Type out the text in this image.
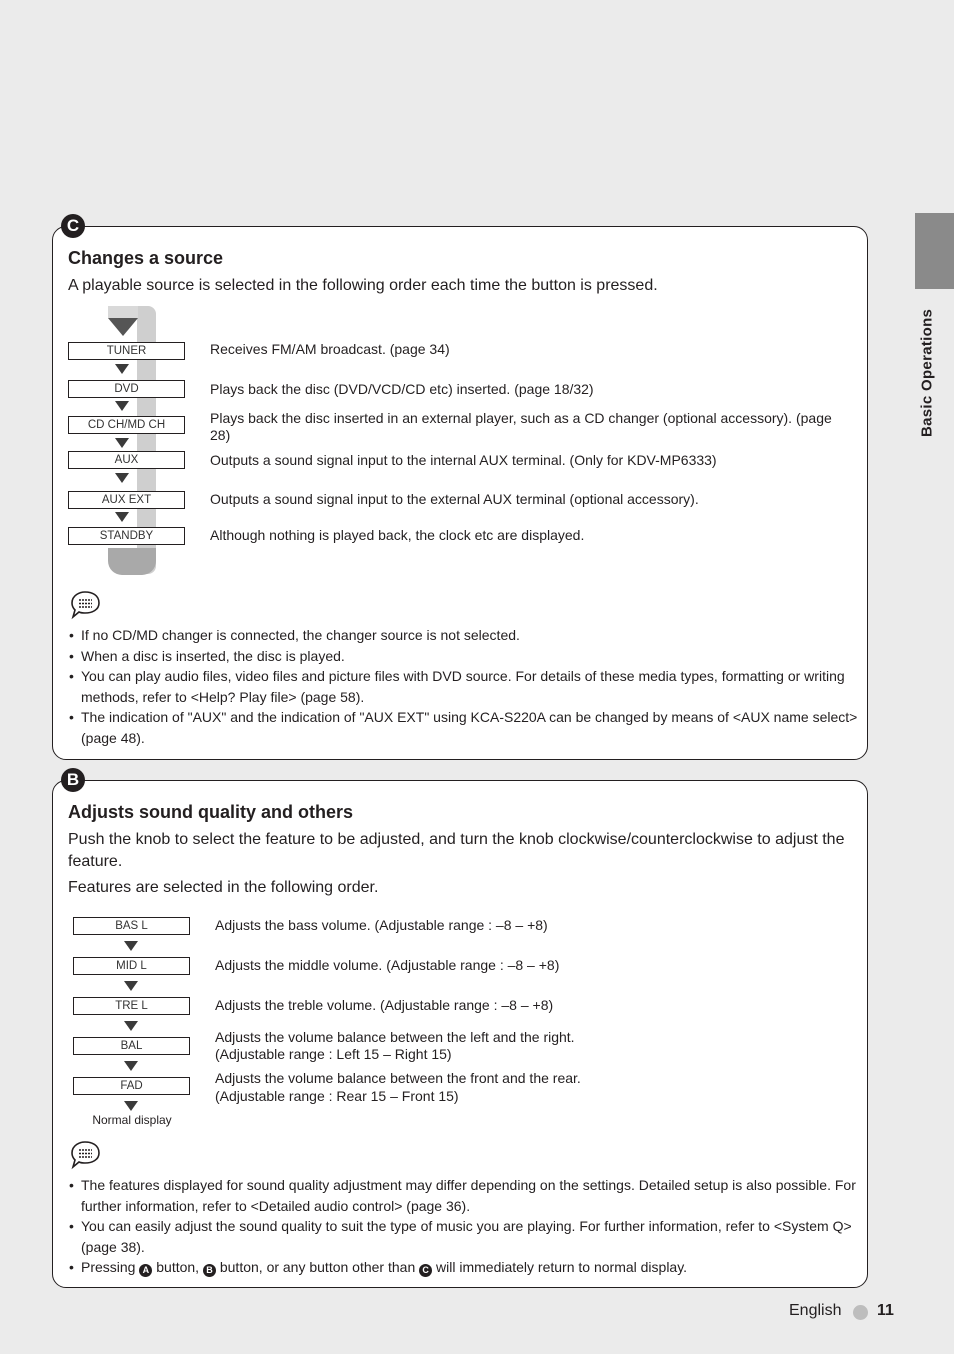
Basic Operations
C
Changes a source

A playable source is selected in the following order each time the button is pressed.

TUNER
DVD
CD CH/MD CH
AUX
AUX EXT
STANDBY
Receives FM/AM broadcast. (page 34)
Plays back the disc (DVD/VCD/CD etc) inserted. (page 18/32)
Plays back the disc inserted in an external player, such as a CD changer (optional accessory). (page 28)
Outputs a sound signal input to the internal AUX terminal. (Only for KDV-MP6333)
Outputs a sound signal input to the external AUX terminal (optional accessory).
Although nothing is played back, the clock etc are displayed.
• If no CD/MD changer is connected, the changer source is not selected.
• When a disc is inserted, the disc is played.
• You can play audio files, video files and picture files with DVD source. For details of these media types, formatting or writing methods, refer to <Help? Play file> (page 58).
• The indication of "AUX" and the indication of "AUX EXT" using KCA-S220A can be changed by means of <AUX name select> (page 48).
B
Adjusts sound quality and others

Push the knob to select the feature to be adjusted, and turn the knob clockwise/counterclockwise to adjust the feature.

Features are selected in the following order.

BAS L
MID L
TRE L
BAL
FAD
Normal display
Adjusts the bass volume. (Adjustable range : –8 – +8)
Adjusts the middle volume. (Adjustable range : –8 – +8)
Adjusts the treble volume. (Adjustable range : –8 – +8)
Adjusts the volume balance between the left and the right.
(Adjustable range : Left 15 – Right 15)
Adjusts the volume balance between the front and the rear.
(Adjustable range : Rear 15 – Front 15)
• The features displayed for sound quality adjustment may differ depending on the settings. Detailed setup is also possible. For further information, refer to <Detailed audio control> (page 36).
• You can easily adjust the sound quality to suit the type of music you are playing. For further information, refer to <System Q> (page 38).
• Pressing A button, B button, or any button other than C will immediately return to normal display.
English 11
